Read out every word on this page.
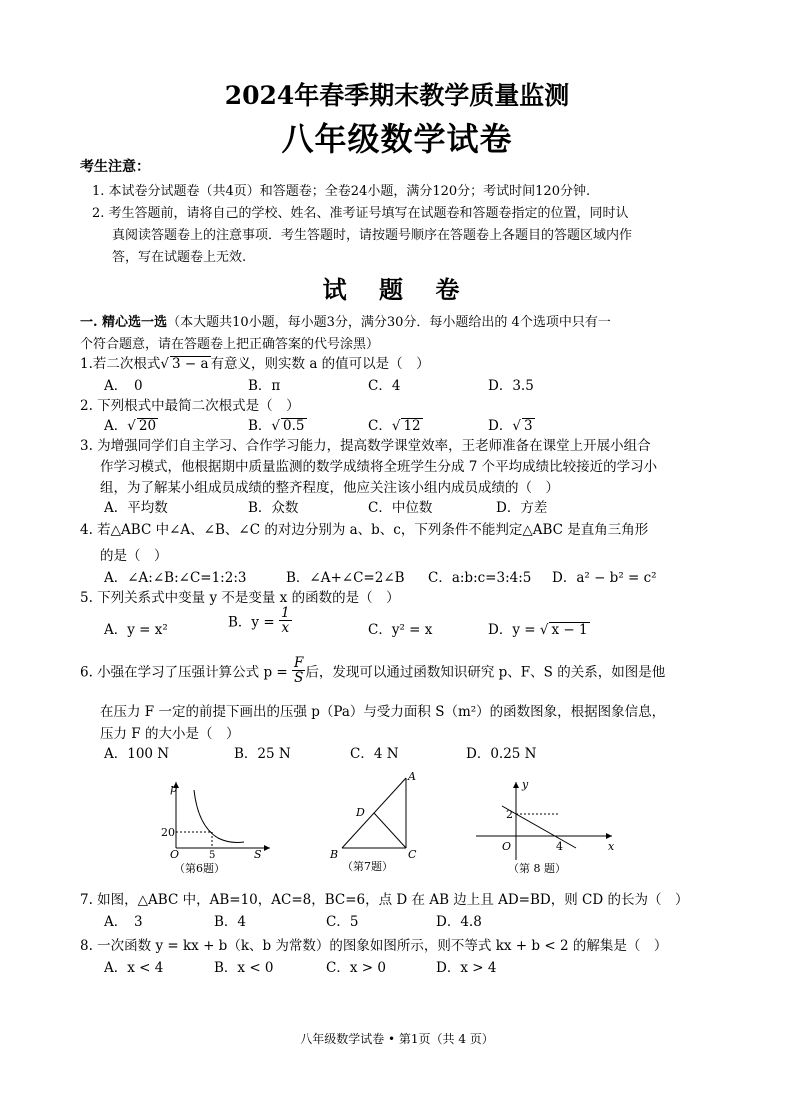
2024年春季期末教学质量监测
八年级数学试卷
考生注意：
1. 本试卷分试题卷（共4页）和答题卷；全卷24小题，满分120分；考试时间120分钟.
2. 考生答题前，请将自己的学校、姓名、准考证号填写在试题卷和答题卷指定的位置，同时认
真阅读答题卷上的注意事项．考生答题时，请按题号顺序在答题卷上各题目的答题区域内作
答，写在试题卷上无效.
试 题 卷
一. 精心选一选（本大题共10小题，每小题3分，满分30分．每小题给出的 4个选项中只有一
个符合题意，请在答题卷上把正确答案的代号涂黑）
1.若二次根式√ 3 − a 有意义，则实数 a 的值可以是（　）
A．　0	B．π	C．4	D．3.5
2. 下列根式中最简二次根式是（　）
A．√ 20	B．√ 0.5	C．√ 12	D．√ 3
3. 为增强同学们自主学习、合作学习能力，提高数学课堂效率，王老师准备在课堂上开展小组合
作学习模式，他根据期中质量监测的数学成绩将全班学生分成 7 个平均成绩比较接近的学习小
组，为了解某小组成员成绩的整齐程度，他应关注该小组内成员成绩的（　）
A．平均数	B．众数	C．中位数	D．方差
4. 若△ABC 中∠A、∠B、∠C 的对边分别为 a、b、c，下列条件不能判定△ABC 是直角三角形
的是（　）
A．∠A:∠B:∠C=1:2:3	B．∠A+∠C=2∠B C．a:b:c=3:4:5 D．a² − b² = c²
5. 下列关系式中变量 y 不是变量 x 的函数的是（　）
A．y = x²	B．$y = \frac{1}{x}$	C．y² = x	D．y = √ x − 1
6. 小强在学习了压强计算公式 $p = \frac{F}{S}$ 后，发现可以通过函数知识研究 p、F、S 的关系，如图是他
在压力 F 一定的前提下画出的压强 p（Pa）与受力面积 S（m²）的函数图象，根据图象信息，
压力 F 的大小是（　）
A．100 N	B．25 N	C．4 N	D．0.25 N
p
S
O
20
5
（第6题）
A
B	C
D
（第7题）
y
x
O
2
4
（第 8 题）
7. 如图，△ABC 中，AB=10，AC=8，BC=6，点 D 在 AB 边上且 AD=BD，则 CD 的长为（　）
A．　3	B．4	C．5	D．4.8
8. 一次函数 y = kx + b（k、b 为常数）的图象如图所示，则不等式 kx + b < 2 的解集是（　）
A．x < 4	B．x < 0	C．x > 0	D．x > 4
八年级数学试卷 • 第1页（共 4 页）
